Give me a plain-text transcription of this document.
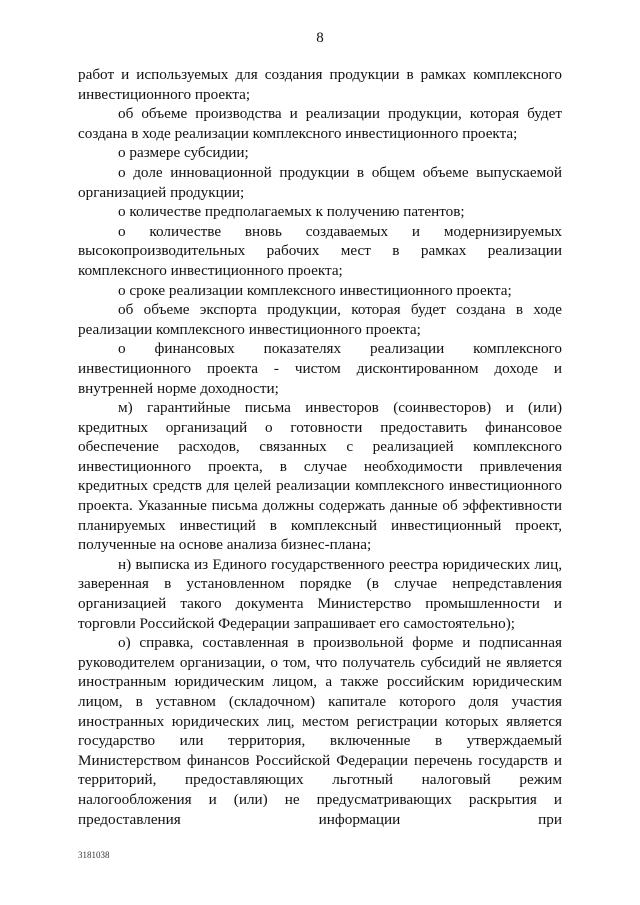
8

работ и используемых для создания продукции в рамках комплексного инвестиционного проекта;

об объеме производства и реализации продукции, которая будет создана в ходе реализации комплексного инвестиционного проекта;

о размере субсидии;

о доле инновационной продукции в общем объеме выпускаемой организацией продукции;

о количестве предполагаемых к получению патентов;

о количестве вновь создаваемых и модернизируемых высокопроизводительных рабочих мест в рамках реализации комплексного инвестиционного проекта;

о сроке реализации комплексного инвестиционного проекта;

об объеме экспорта продукции, которая будет создана в ходе реализации комплексного инвестиционного проекта;

о финансовых показателях реализации комплексного инвестиционного проекта - чистом дисконтированном доходе и внутренней норме доходности;

м) гарантийные письма инвесторов (соинвесторов) и (или) кредитных организаций о готовности предоставить финансовое обеспечение расходов, связанных с реализацией комплексного инвестиционного проекта, в случае необходимости привлечения кредитных средств для целей реализации комплексного инвестиционного проекта. Указанные письма должны содержать данные об эффективности планируемых инвестиций в комплексный инвестиционный проект, полученные на основе анализа бизнес-плана;

н) выписка из Единого государственного реестра юридических лиц, заверенная в установленном порядке (в случае непредставления организацией такого документа Министерство промышленности и торговли Российской Федерации запрашивает его самостоятельно);

о) справка, составленная в произвольной форме и подписанная руководителем организации, о том, что получатель субсидий не является иностранным юридическим лицом, а также российским юридическим лицом, в уставном (складочном) капитале которого доля участия иностранных юридических лиц, местом регистрации которых является государство или территория, включенные в утверждаемый Министерством финансов Российской Федерации перечень государств и территорий, предоставляющих льготный налоговый режим налогообложения и (или) не предусматривающих раскрытия и предоставления информации при

3181038
